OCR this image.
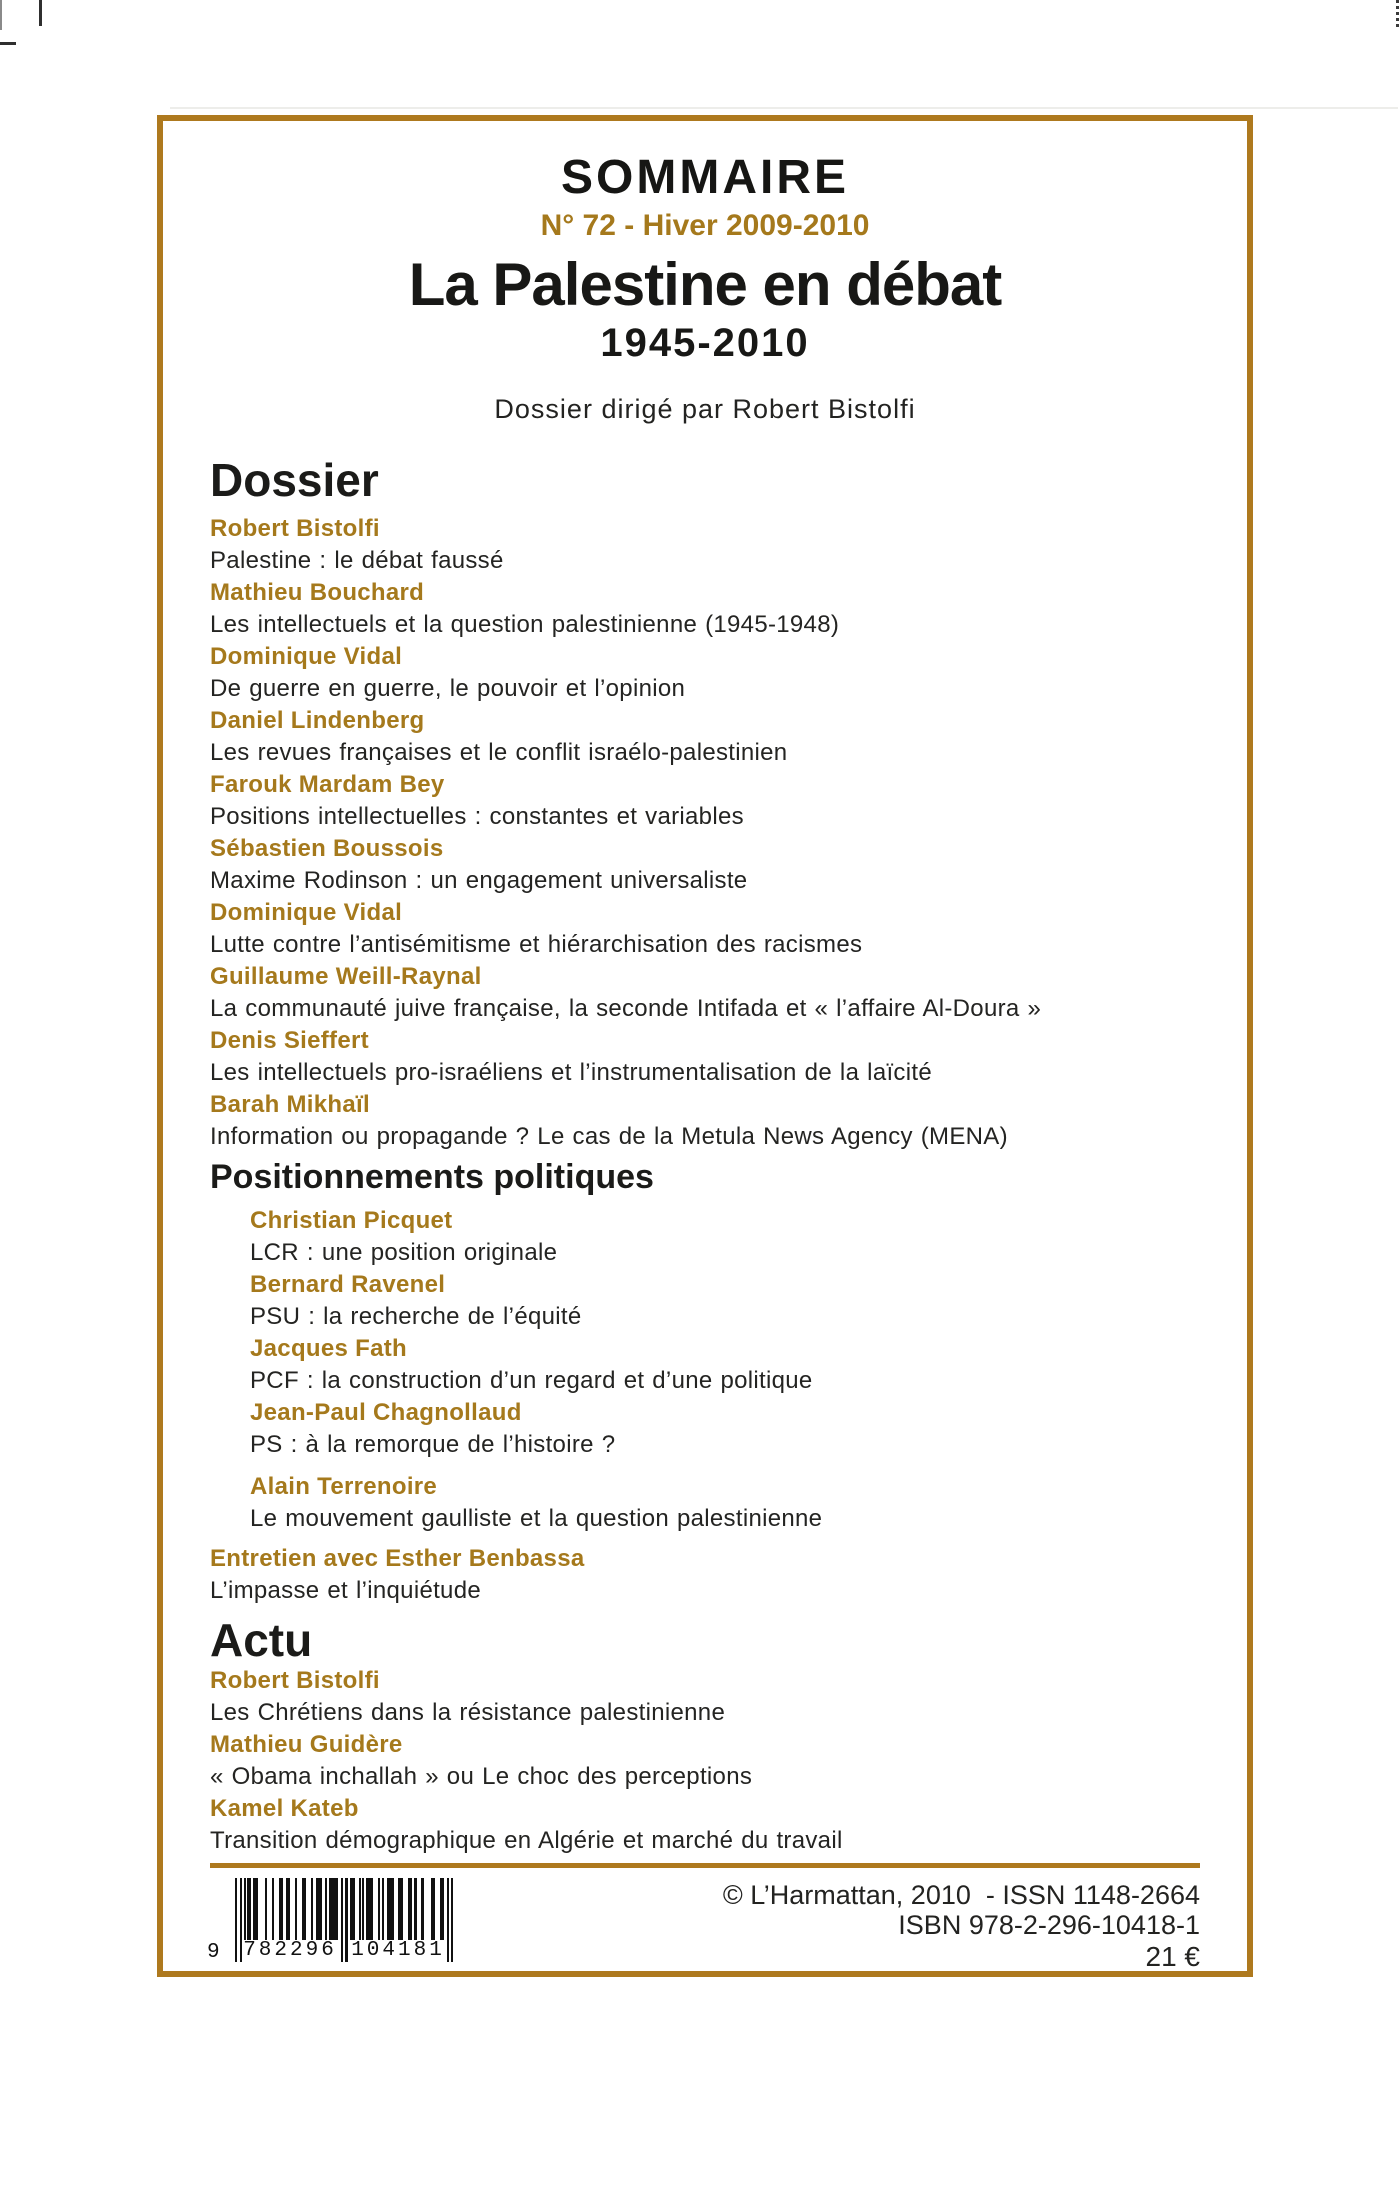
SOMMAIRE
N° 72 - Hiver 2009-2010
La Palestine en débat
1945-2010
Dossier dirigé par Robert Bistolfi
Dossier
Robert Bistolfi
Palestine : le débat faussé
Mathieu Bouchard
Les intellectuels et la question palestinienne (1945-1948)
Dominique Vidal
De guerre en guerre, le pouvoir et l’opinion
Daniel Lindenberg
Les revues françaises et le conflit israélo-palestinien
Farouk Mardam Bey
Positions intellectuelles : constantes et variables
Sébastien Boussois
Maxime Rodinson : un engagement universaliste
Dominique Vidal
Lutte contre l’antisémitisme et hiérarchisation des racismes
Guillaume Weill-Raynal
La communauté juive française, la seconde Intifada et « l’affaire Al-Doura »
Denis Sieffert
Les intellectuels pro-israéliens et l’instrumentalisation de la laïcité
Barah Mikhaïl
Information ou propagande ? Le cas de la Metula News Agency (MENA)
Positionnements politiques
Christian Picquet
LCR : une position originale
Bernard Ravenel
PSU : la recherche de l’équité
Jacques Fath
PCF : la construction d’un regard et d’une politique
Jean-Paul Chagnollaud
PS : à la remorque de l’histoire ?
Alain Terrenoire
Le mouvement gaulliste et la question palestinienne
Entretien avec Esther Benbassa
L’impasse et l’inquiétude
Actu
Robert Bistolfi
Les Chrétiens dans la résistance palestinienne
Mathieu Guidère
« Obama inchallah » ou Le choc des perceptions
Kamel Kateb
Transition démographique en Algérie et marché du travail
© L’Harmattan, 2010  - ISSN 1148-2664
ISBN 978-2-296-10418-1
21 €
9 782296 104181
